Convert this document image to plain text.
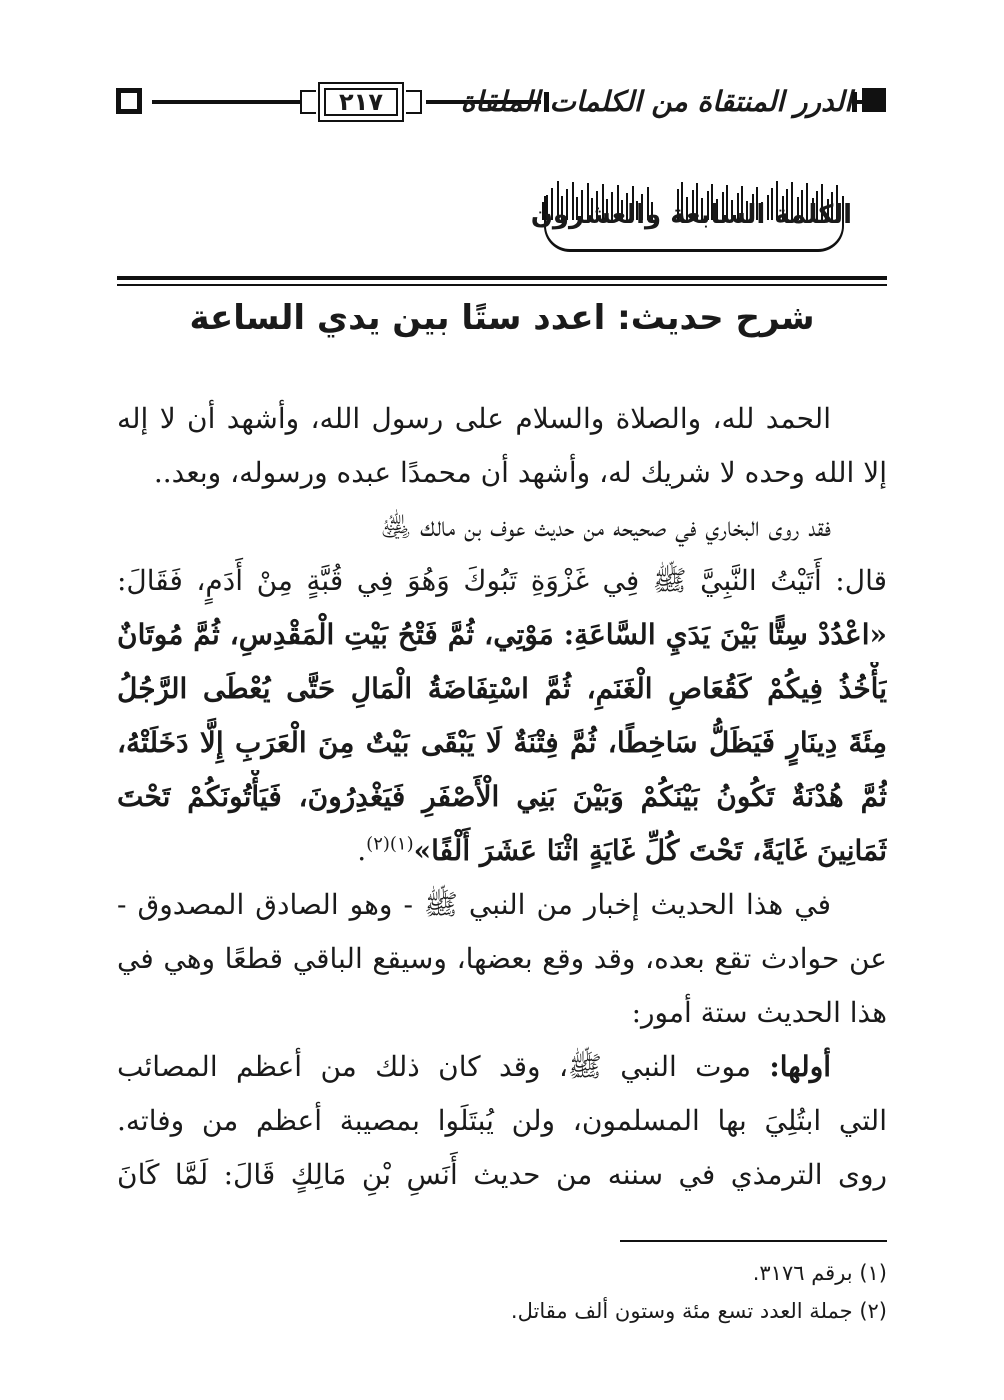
٢١٧	الدرر المنتقاة من الكلمات الملقاة
الكلمة السابعة والعشرون
شرح حديث: اعدد ستًا بين يدي الساعة
الحمد لله، والصلاة والسلام على رسول الله، وأشهد أن لا إله
إلا الله وحده لا شريك له، وأشهد أن محمدًا عبده ورسوله، وبعد..
فقد روى البخاري في صحيحه من حديث عوف بن مالك ﵁
قال: أَتَيْتُ النَّبِيَّ ﷺ فِي غَزْوَةِ تَبُوكَ وَهُوَ فِي قُبَّةٍ مِنْ أَدَمٍ، فَقَالَ:
«اعْدُدْ سِتًّا بَيْنَ يَدَيِ السَّاعَةِ: مَوْتِي، ثُمَّ فَتْحُ بَيْتِ الْمَقْدِسِ، ثُمَّ مُوتَانٌ
يَأْخُذُ فِيكُمْ كَقُعَاصِ الْغَنَمِ، ثُمَّ اسْتِفَاضَةُ الْمَالِ حَتَّى يُعْطَى الرَّجُلُ
مِئَةَ دِينَارٍ فَيَظَلُّ سَاخِطًا، ثُمَّ فِتْنَةٌ لَا يَبْقَى بَيْتٌ مِنَ الْعَرَبِ إِلَّا دَخَلَتْهُ،
ثُمَّ هُدْنَةٌ تَكُونُ بَيْنَكُمْ وَبَيْنَ بَنِي الْأَصْفَرِ فَيَغْدِرُونَ، فَيَأْتُونَكُمْ تَحْتَ
ثَمَانِينَ غَايَةً، تَحْتَ كُلِّ غَايَةٍ اثْنَا عَشَرَ أَلْفًا»$^{(١)(٢)}$.
في هذا الحديث إخبار من النبي ﷺ - وهو الصادق المصدوق -
عن حوادث تقع بعده، وقد وقع بعضها، وسيقع الباقي قطعًا وهي في
هذا الحديث ستة أمور:
أولها: موت النبي ﷺ، وقد كان ذلك من أعظم المصائب
التي ابتُلِيَ بها المسلمون، ولن يُبتَلَوا بمصيبة أعظم من وفاته.
روى الترمذي في سننه من حديث أَنَسِ بْنِ مَالِكٍ قَالَ: لَمَّا كَانَ
(١) برقم ٣١٧٦.
(٢) جملة العدد تسع مئة وستون ألف مقاتل.
